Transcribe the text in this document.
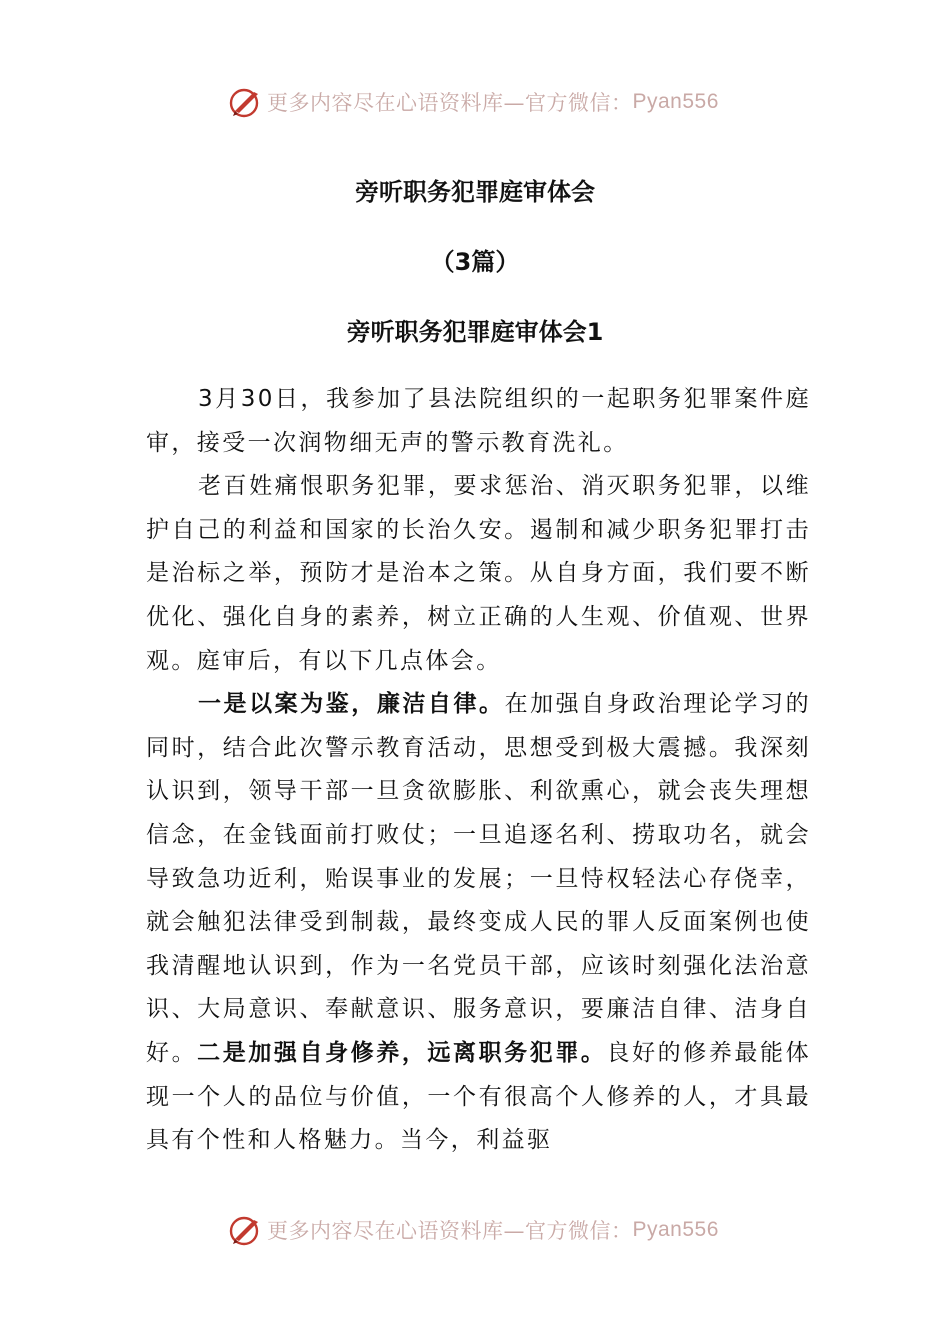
更多内容尽在心语资料库—官方微信： Pyan556
旁听职务犯罪庭审体会
（3篇）
旁听职务犯罪庭审体会1

3月30日，我参加了县法院组织的一起职务犯罪案件庭审，接受一次润物细无声的警示教育洗礼。

老百姓痛恨职务犯罪，要求惩治、消灭职务犯罪，以维护自己的利益和国家的长治久安。遏制和减少职务犯罪打击是治标之举，预防才是治本之策。从自身方面，我们要不断优化、强化自身的素养，树立正确的人生观、价值观、世界观。庭审后，有以下几点体会。

一是以案为鉴，廉洁自律。在加强自身政治理论学习的同时，结合此次警示教育活动，思想受到极大震撼。我深刻认识到，领导干部一旦贪欲膨胀、利欲熏心，就会丧失理想信念，在金钱面前打败仗；一旦追逐名利、捞取功名，就会导致急功近利，贻误事业的发展；一旦恃权轻法心存侥幸，就会触犯法律受到制裁，最终变成人民的罪人反面案例也使我清醒地认识到，作为一名党员干部，应该时刻强化法治意识、大局意识、奉献意识、服务意识，要廉洁自律、洁身自好。二是加强自身修养，远离职务犯罪。良好的修养最能体现一个人的品位与价值，一个有很高个人修养的人，才具最具有个性和人格魅力。当今，利益驱

更多内容尽在心语资料库—官方微信： Pyan556
